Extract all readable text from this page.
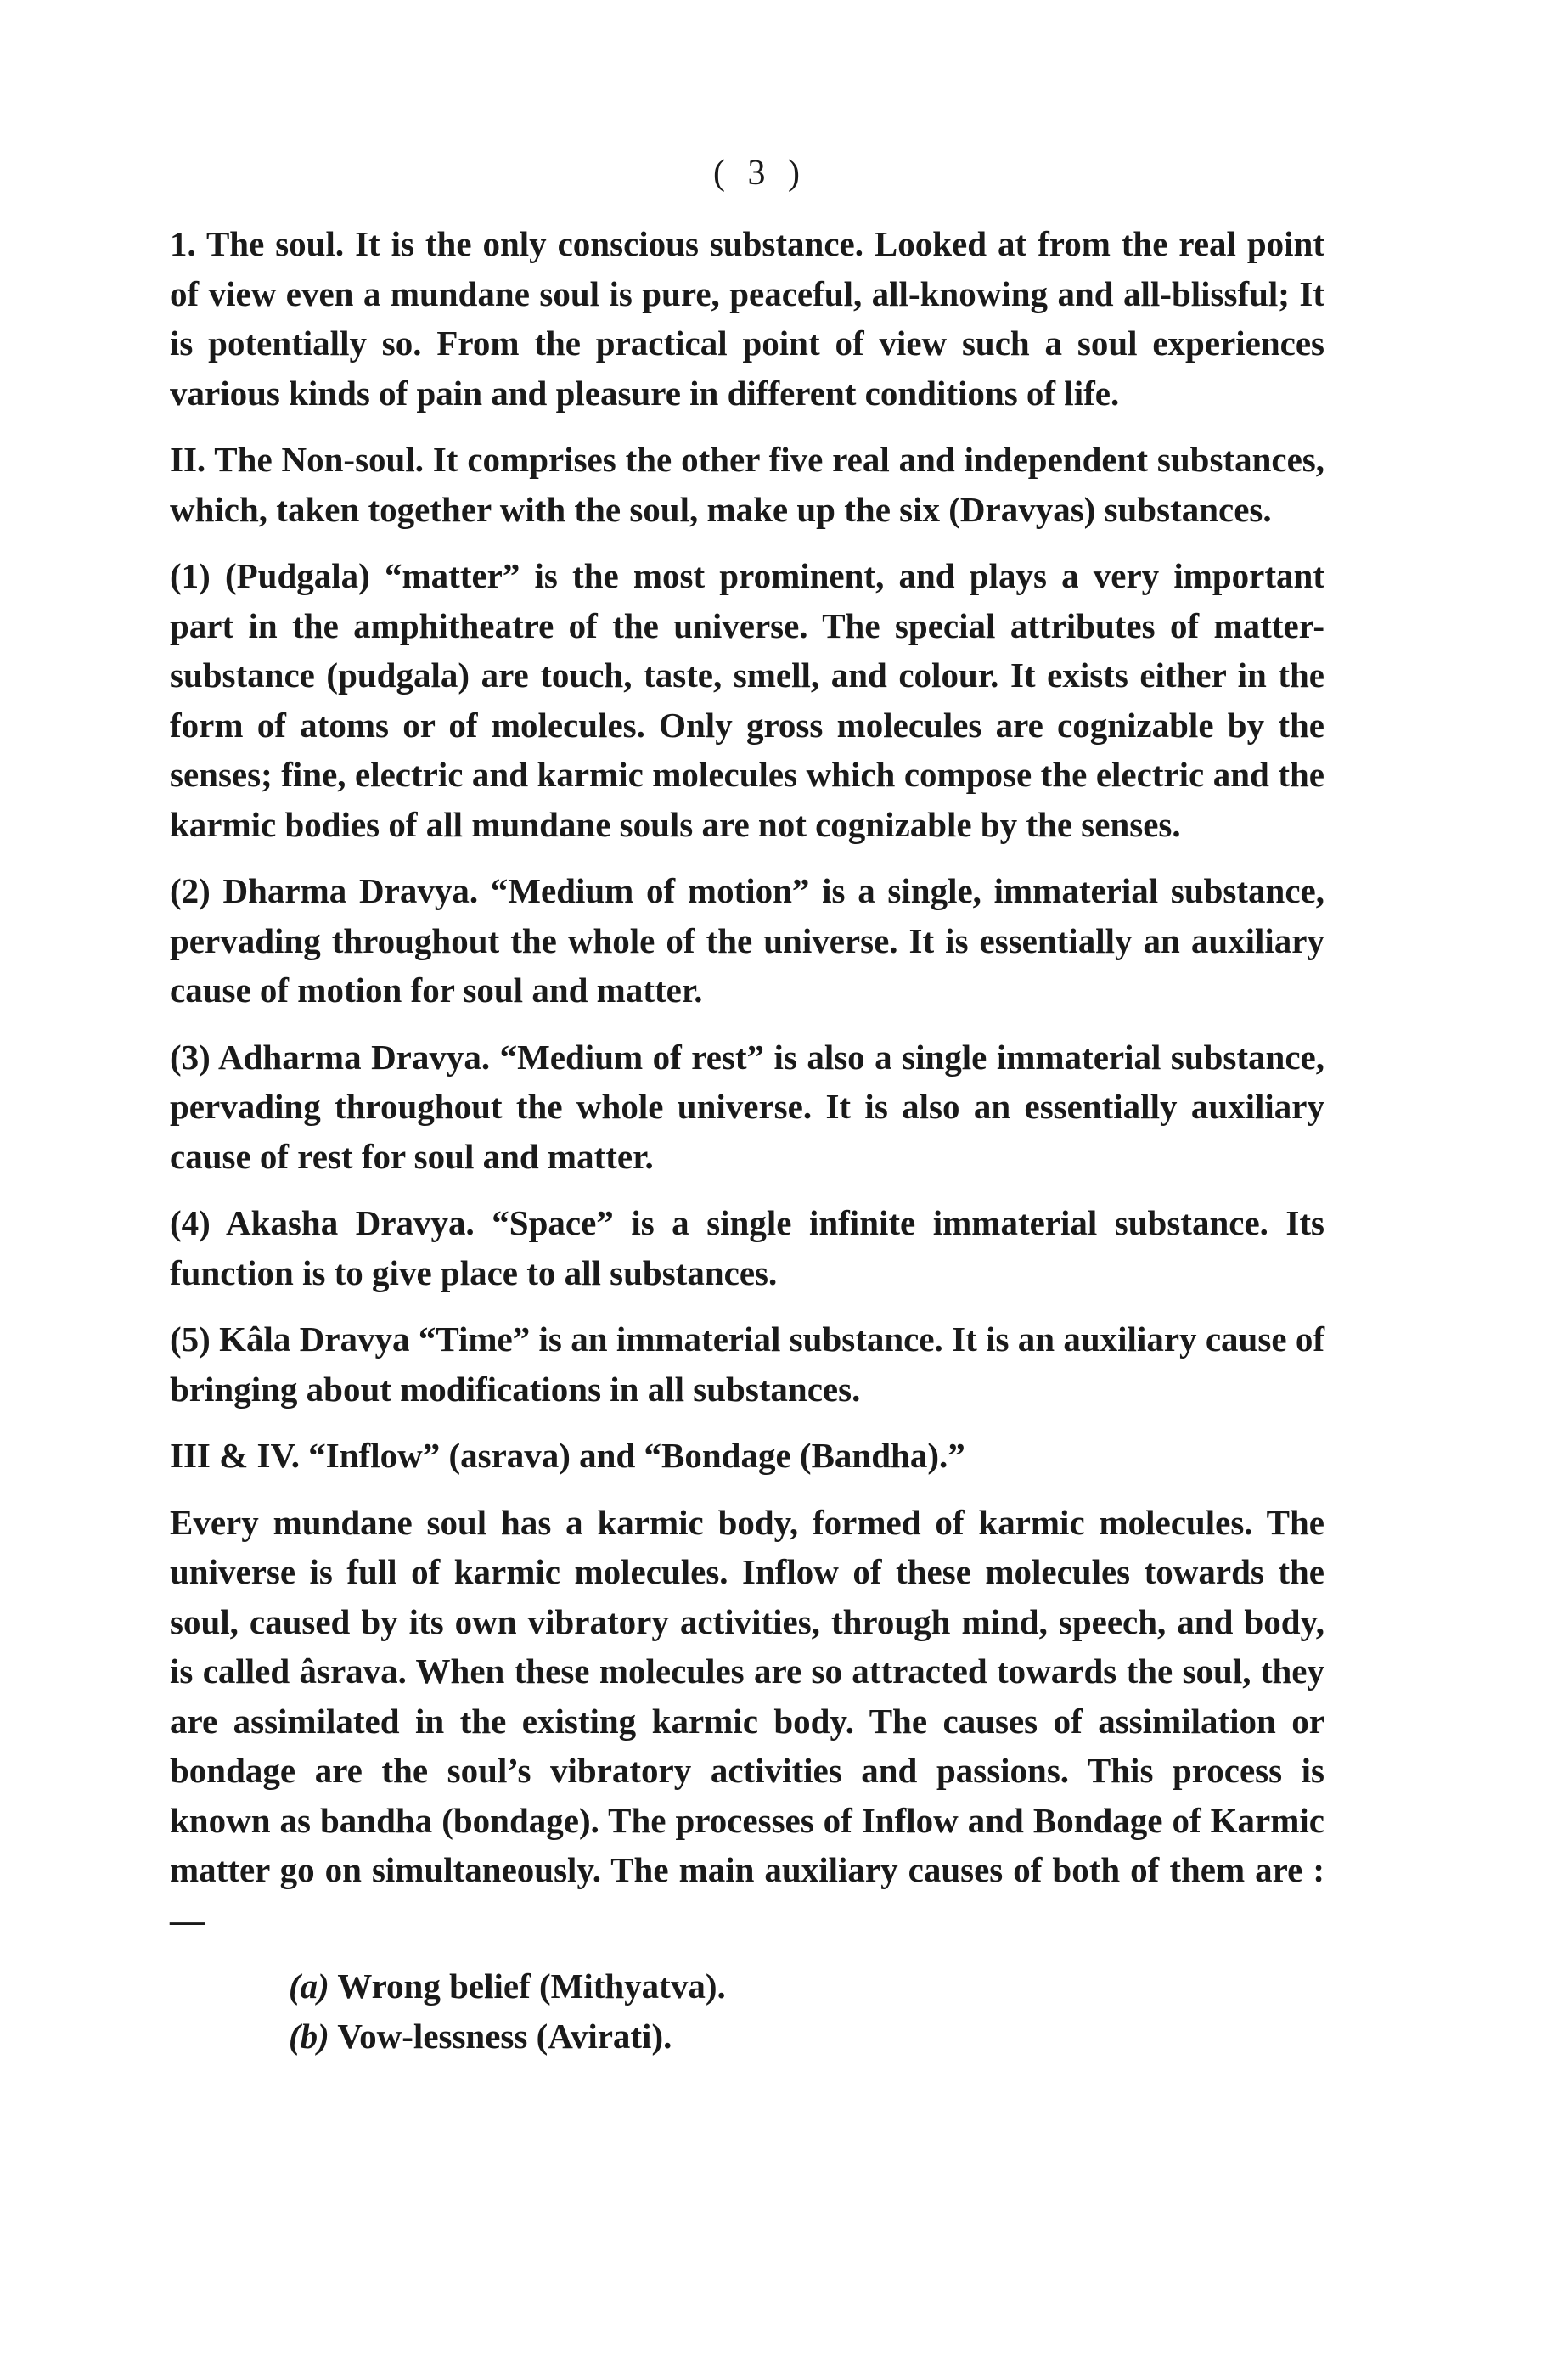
( 3 )

1. The soul. It is the only conscious substance. Looked at from the real point of view even a mundane soul is pure, peaceful, all-knowing and all-blissful; It is potentially so. From the practical point of view such a soul experiences various kinds of pain and pleasure in different conditions of life.

II. The Non-soul. It comprises the other five real and independent substances, which, taken together with the soul, make up the six (Dravyas) substances.

(1) (Pudgala) “matter” is the most prominent, and plays a very important part in the amphitheatre of the universe. The special attributes of matter-substance (pudgala) are touch, taste, smell, and colour. It exists either in the form of atoms or of molecules. Only gross molecules are cognizable by the senses; fine, electric and karmic molecules which compose the electric and the karmic bodies of all mundane souls are not cognizable by the senses.

(2) Dharma Dravya. “Medium of motion” is a single, immaterial substance, pervading throughout the whole of the universe. It is essentially an auxiliary cause of motion for soul and matter.

(3) Adharma Dravya. “Medium of rest” is also a single immaterial substance, pervading throughout the whole universe. It is also an essentially auxiliary cause of rest for soul and matter.

(4) Akasha Dravya. “Space” is a single infinite immaterial substance. Its function is to give place to all substances.

(5) Kâla Dravya “Time” is an immaterial substance. It is an auxiliary cause of bringing about modifications in all substances.

III & IV. “Inflow” (asrava) and “Bondage (Bandha).”

Every mundane soul has a karmic body, formed of karmic molecules. The universe is full of karmic molecules. Inflow of these molecules towards the soul, caused by its own vibratory activities, through mind, speech, and body, is called âsrava. When these molecules are so attracted towards the soul, they are assimilated in the existing karmic body. The causes of assimilation or bondage are the soul’s vibratory activities and passions. This process is known as bandha (bondage). The processes of Inflow and Bondage of Karmic matter go on simultaneously. The main auxiliary causes of both of them are :—

(a) Wrong belief (Mithyatva).
(b) Vow-lessness (Avirati).
